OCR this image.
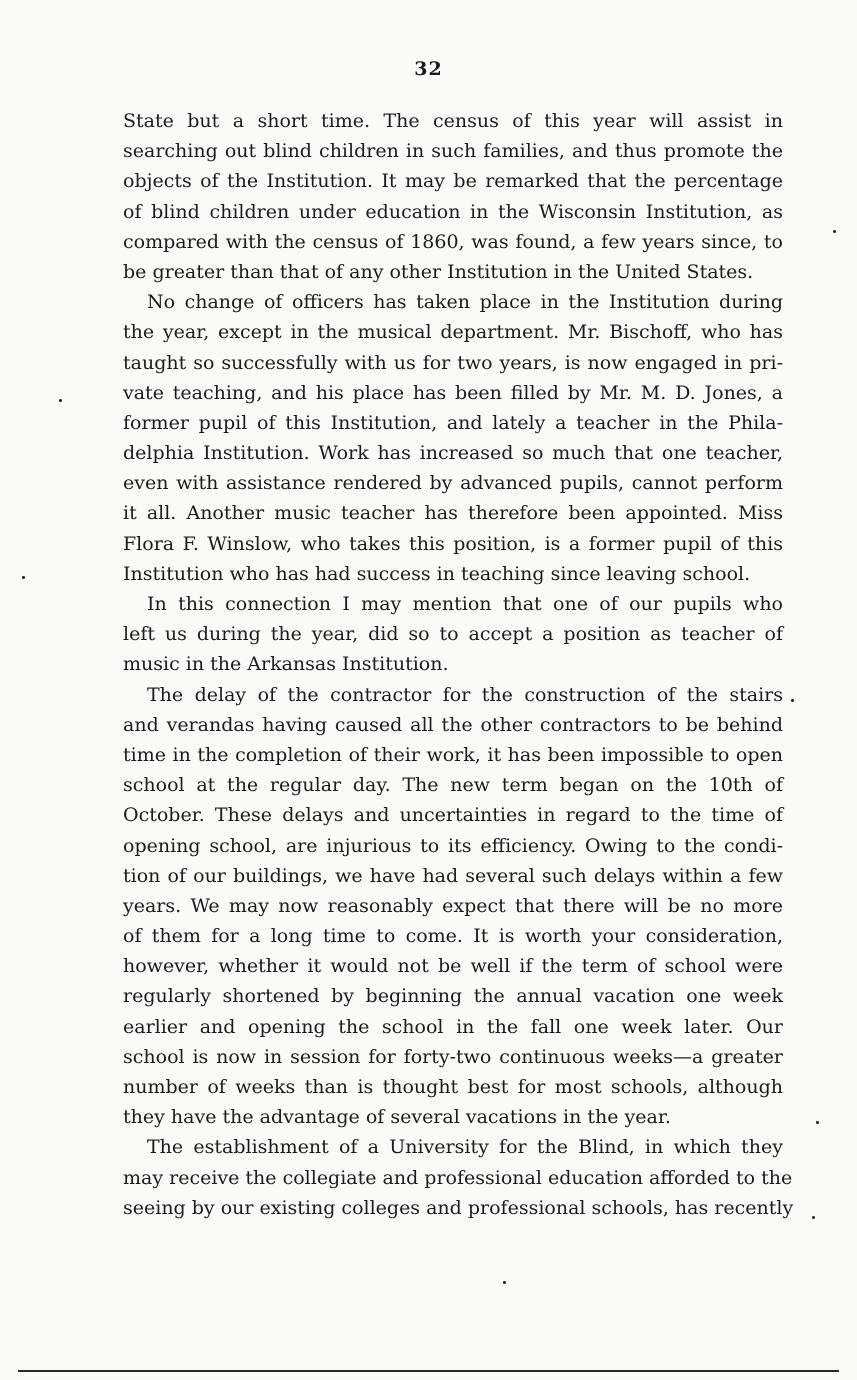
32
State but a short time. The census of this year will assist in
searching out blind children in such families, and thus promote the
objects of the Institution. It may be remarked that the percentage
of blind children under education in the Wisconsin Institution, as
compared with the census of 1860, was found, a few years since, to
be greater than that of any other Institution in the United States.
No change of officers has taken place in the Institution during
the year, except in the musical department. Mr. Bischoff, who has
taught so successfully with us for two years, is now engaged in pri-
vate teaching, and his place has been filled by Mr. M. D. Jones, a
former pupil of this Institution, and lately a teacher in the Phila-
delphia Institution. Work has increased so much that one teacher,
even with assistance rendered by advanced pupils, cannot perform
it all. Another music teacher has therefore been appointed. Miss
Flora F. Winslow, who takes this position, is a former pupil of this
Institution who has had success in teaching since leaving school.
In this connection I may mention that one of our pupils who
left us during the year, did so to accept a position as teacher of
music in the Arkansas Institution.
The delay of the contractor for the construction of the stairs
and verandas having caused all the other contractors to be behind
time in the completion of their work, it has been impossible to open
school at the regular day. The new term began on the 10th of
October. These delays and uncertainties in regard to the time of
opening school, are injurious to its efficiency. Owing to the condi-
tion of our buildings, we have had several such delays within a few
years. We may now reasonably expect that there will be no more
of them for a long time to come. It is worth your consideration,
however, whether it would not be well if the term of school were
regularly shortened by beginning the annual vacation one week
earlier and opening the school in the fall one week later. Our
school is now in session for forty-two continuous weeks—a greater
number of weeks than is thought best for most schools, although
they have the advantage of several vacations in the year.
The establishment of a University for the Blind, in which they
may receive the collegiate and professional education afforded to the
seeing by our existing colleges and professional schools, has recently
